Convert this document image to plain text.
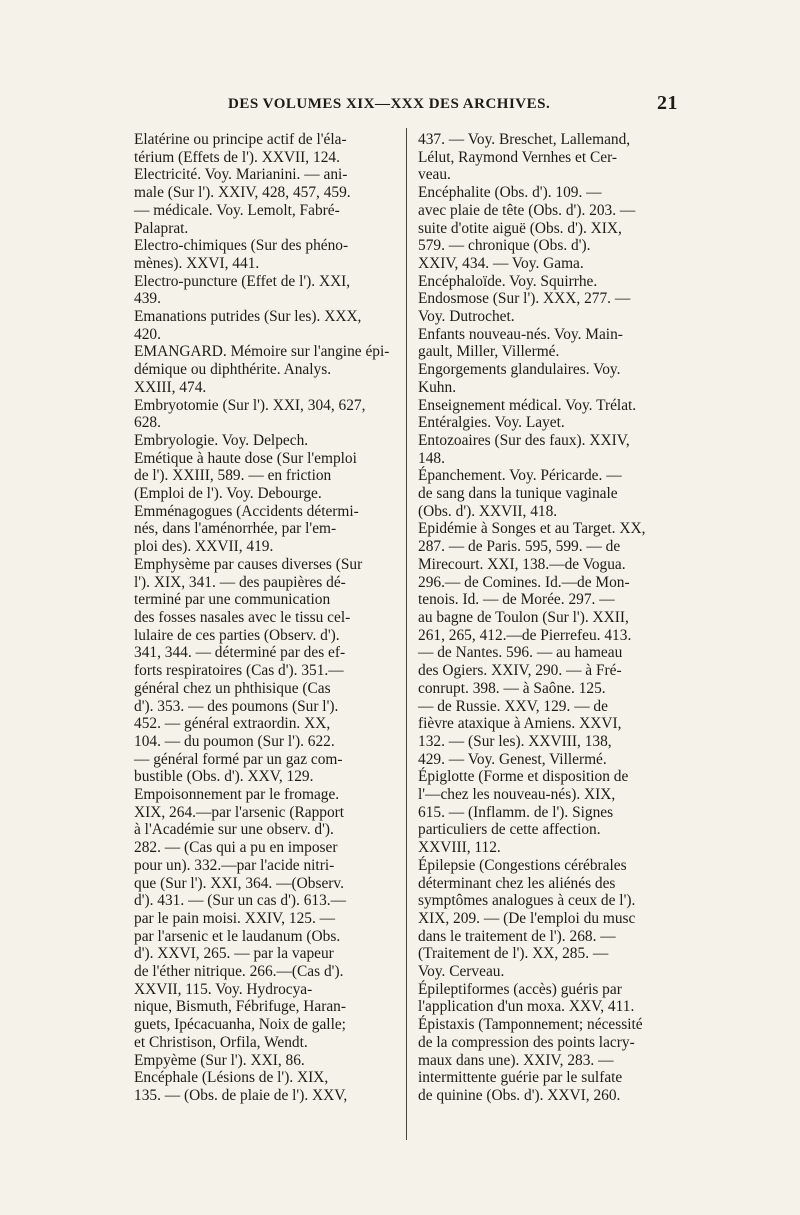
DES VOLUMES XIX—XXX DES ARCHIVES.	21

Elatérine ou principe actif de l'éla-
térium (Effets de l'). XXVII, 124.

Electricité. Voy. Marianini. — ani-
male (Sur l'). XXIV, 428, 457, 459.
— médicale. Voy. Lemolt, Fabré-
Palaprat.

Electro-chimiques (Sur des phéno-
mènes). XXVI, 441.

Electro-puncture (Effet de l'). XXI,
439.

Emanations putrides (Sur les). XXX,
420.

EMANGARD. Mémoire sur l'angine épi-
démique ou diphthérite. Analys.
XXIII, 474.

Embryotomie (Sur l'). XXI, 304, 627,
628.

Embryologie. Voy. Delpech.

Emétique à haute dose (Sur l'emploi
de l'). XXIII, 589. — en friction
(Emploi de l'). Voy. Debourge.

Emménagogues (Accidents détermi-
nés, dans l'aménorrhée, par l'em-
ploi des). XXVII, 419.

Emphysème par causes diverses (Sur
l'). XIX, 341. — des paupières dé-
terminé par une communication
des fosses nasales avec le tissu cel-
lulaire de ces parties (Observ. d').
341, 344. — déterminé par des ef-
forts respiratoires (Cas d'). 351.—
général chez un phthisique (Cas
d'). 353. — des poumons (Sur l').
452. — général extraordin. XX,
104. — du poumon (Sur l'). 622.
— général formé par un gaz com-
bustible (Obs. d'). XXV, 129.

Empoisonnement par le fromage.
XIX, 264.—par l'arsenic (Rapport
à l'Académie sur une observ. d').
282. — (Cas qui a pu en imposer
pour un). 332.—par l'acide nitri-
que (Sur l'). XXI, 364. —(Observ.
d'). 431. — (Sur un cas d'). 613.—
par le pain moisi. XXIV, 125. —
par l'arsenic et le laudanum (Obs.
d'). XXVI, 265. — par la vapeur
de l'éther nitrique. 266.—(Cas d').
XXVII, 115. Voy. Hydrocya-
nique, Bismuth, Fébrifuge, Haran-
guets, Ipécacuanha, Noix de galle;
et Christison, Orfila, Wendt.

Empyème (Sur l'). XXI, 86.

Encéphale (Lésions de l'). XIX,
135. — (Obs. de plaie de l'). XXV,

437. — Voy. Breschet, Lallemand,
Lélut, Raymond Vernhes et Cer-
veau.

Encéphalite (Obs. d'). 109. —
avec plaie de tête (Obs. d'). 203. —
suite d'otite aiguë (Obs. d'). XIX,
579. — chronique (Obs. d').
XXIV, 434. — Voy. Gama.

Encéphaloïde. Voy. Squirrhe.

Endosmose (Sur l'). XXX, 277. —
Voy. Dutrochet.

Enfants nouveau-nés. Voy. Main-
gault, Miller, Villermé.

Engorgements glandulaires. Voy.
Kuhn.

Enseignement médical. Voy. Trélat.

Entéralgies. Voy. Layet.

Entozoaires (Sur des faux). XXIV,
148.

Épanchement. Voy. Péricarde. —
de sang dans la tunique vaginale
(Obs. d'). XXVII, 418.

Epidémie à Songes et au Target. XX,
287. — de Paris. 595, 599. — de
Mirecourt. XXI, 138.—de Vogua.
296.— de Comines. Id.—de Mon-
tenois. Id. — de Morée. 297. —
au bagne de Toulon (Sur l'). XXII,
261, 265, 412.—de Pierrefeu. 413.
— de Nantes. 596. — au hameau
des Ogiers. XXIV, 290. — à Fré-
conrupt. 398. — à Saône. 125.
— de Russie. XXV, 129. — de
fièvre ataxique à Amiens. XXVI,
132. — (Sur les). XXVIII, 138,
429. — Voy. Genest, Villermé.

Épiglotte (Forme et disposition de
l'—chez les nouveau-nés). XIX,
615. — (Inflamm. de l'). Signes
particuliers de cette affection.
XXVIII, 112.

Épilepsie (Congestions cérébrales
déterminant chez les aliénés des
symptômes analogues à ceux de l').
XIX, 209. — (De l'emploi du musc
dans le traitement de l'). 268. —
(Traitement de l'). XX, 285. —
Voy. Cerveau.

Épileptiformes (accès) guéris par
l'application d'un moxa. XXV, 411.

Épistaxis (Tamponnement; nécessité
de la compression des points lacry-
maux dans une). XXIV, 283. —
intermittente guérie par le sulfate
de quinine (Obs. d'). XXVI, 260.
